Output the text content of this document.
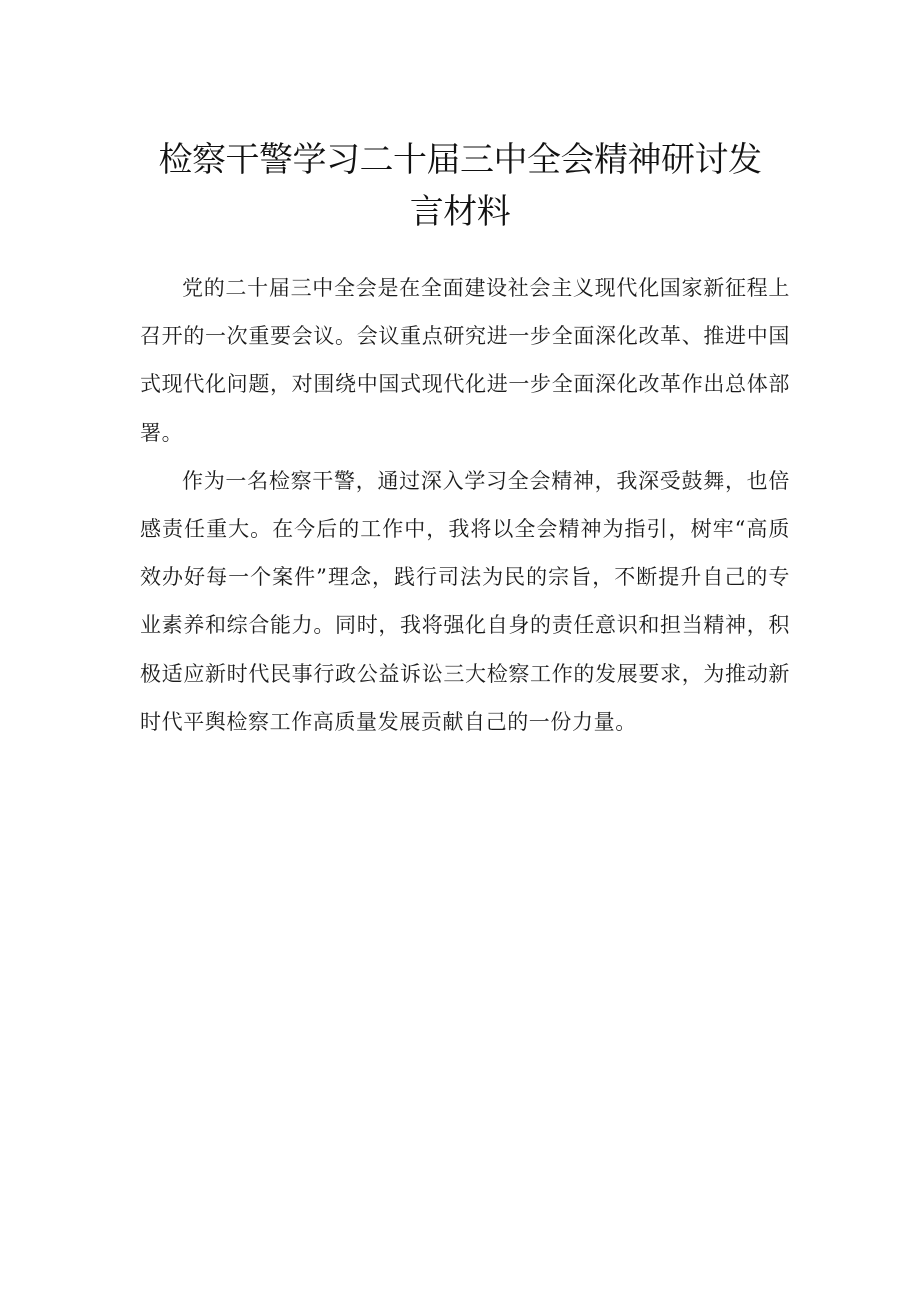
检察干警学习二十届三中全会精神研讨发
言材料

党的二十届三中全会是在全面建设社会主义现代化国家新征程上召开的一次重要会议。会议重点研究进一步全面深化改革、推进中国式现代化问题，对围绕中国式现代化进一步全面深化改革作出总体部署。

作为一名检察干警，通过深入学习全会精神，我深受鼓舞，也倍感责任重大。在今后的工作中，我将以全会精神为指引，树牢“高质效办好每一个案件”理念，践行司法为民的宗旨，不断提升自己的专业素养和综合能力。同时，我将强化自身的责任意识和担当精神，积极适应新时代民事行政公益诉讼三大检察工作的发展要求，为推动新时代平舆检察工作高质量发展贡献自己的一份力量。
